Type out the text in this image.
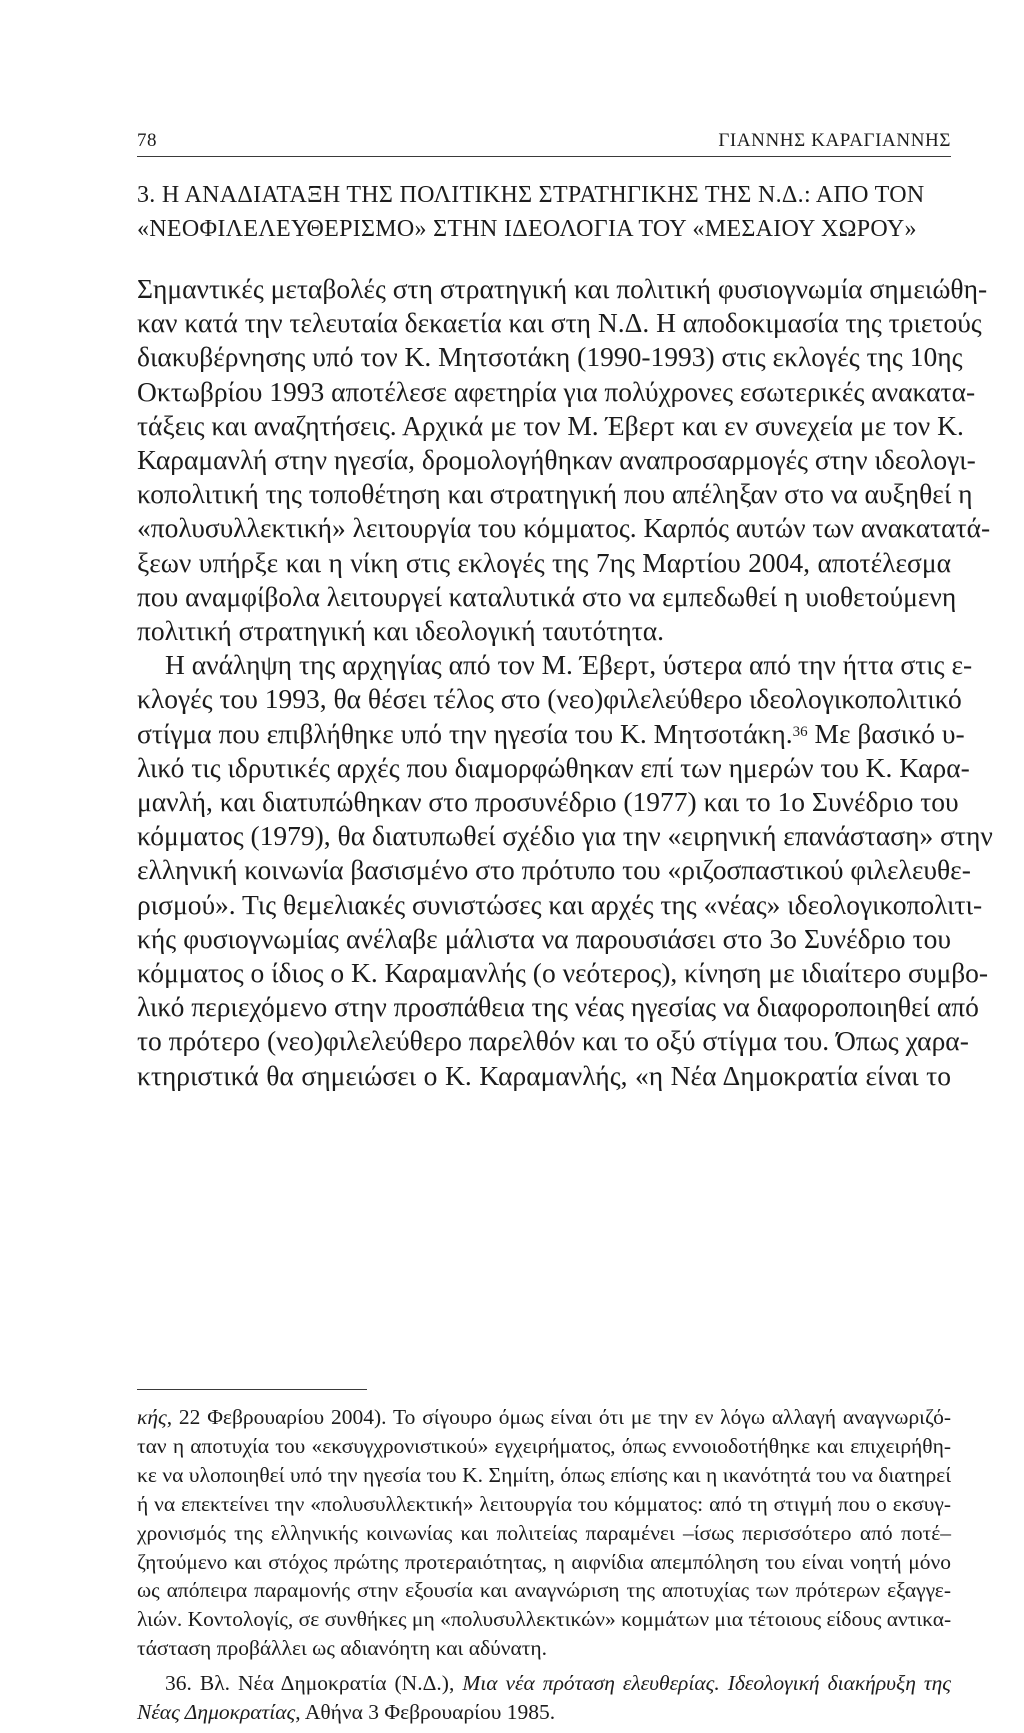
78	ΓΙΑΝΝΗΣ ΚΑΡΑΓΙΑΝΝΗΣ
3. Η ΑΝΑΔΙΑΤΑΞΗ ΤΗΣ ΠΟΛΙΤΙΚΗΣ ΣΤΡΑΤΗΓΙΚΗΣ ΤΗΣ Ν.Δ.: ΑΠΟ ΤΟΝ
«ΝΕΟΦΙΛΕΛΕΥΘΕΡΙΣΜΟ» ΣΤΗΝ ΙΔΕΟΛΟΓΙΑ ΤΟΥ «ΜΕΣΑΙΟΥ ΧΩΡΟΥ»

Σημαντικές μεταβολές στη στρατηγική και πολιτική φυσιογνωμία σημειώθη-
καν κατά την τελευταία δεκαετία και στη Ν.Δ. Η αποδοκιμασία της τριετούς
διακυβέρνησης υπό τον Κ. Μητσοτάκη (1990-1993) στις εκλογές της 10ης
Οκτωβρίου 1993 αποτέλεσε αφετηρία για πολύχρονες εσωτερικές ανακατα-
τάξεις και αναζητήσεις. Αρχικά με τον Μ. Έβερτ και εν συνεχεία με τον Κ.
Καραμανλή στην ηγεσία, δρομολογήθηκαν αναπροσαρμογές στην ιδεολογι-
κοπολιτική της τοποθέτηση και στρατηγική που απέληξαν στο να αυξηθεί η
«πολυσυλλεκτική» λειτουργία του κόμματος. Καρπός αυτών των ανακατατά-
ξεων υπήρξε και η νίκη στις εκλογές της 7ης Μαρτίου 2004, αποτέλεσμα
που αναμφίβολα λειτουργεί καταλυτικά στο να εμπεδωθεί η υιοθετούμενη
πολιτική στρατηγική και ιδεολογική ταυτότητα.

Η ανάληψη της αρχηγίας από τον Μ. Έβερτ, ύστερα από την ήττα στις ε-
κλογές του 1993, θα θέσει τέλος στο (νεο)φιλελεύθερο ιδεολογικοπολιτικό
στίγμα που επιβλήθηκε υπό την ηγεσία του Κ. Μητσοτάκη.$^{36}$ Με βασικό υ-
λικό τις ιδρυτικές αρχές που διαμορφώθηκαν επί των ημερών του Κ. Καρα-
μανλή, και διατυπώθηκαν στο προσυνέδριο (1977) και το 1ο Συνέδριο του
κόμματος (1979), θα διατυπωθεί σχέδιο για την «ειρηνική επανάσταση» στην
ελληνική κοινωνία βασισμένο στο πρότυπο του «ριζοσπαστικού φιλελευθε-
ρισμού». Τις θεμελιακές συνιστώσες και αρχές της «νέας» ιδεολογικοπολιτι-
κής φυσιογνωμίας ανέλαβε μάλιστα να παρουσιάσει στο 3ο Συνέδριο του
κόμματος ο ίδιος ο Κ. Καραμανλής (ο νεότερος), κίνηση με ιδιαίτερο συμβο-
λικό περιεχόμενο στην προσπάθεια της νέας ηγεσίας να διαφοροποιηθεί από
το πρότερο (νεο)φιλελεύθερο παρελθόν και το οξύ στίγμα του. Όπως χαρα-
κτηριστικά θα σημειώσει ο Κ. Καραμανλής, «η Νέα Δημοκρατία είναι το

κής, 22 Φεβρουαρίου 2004). Το σίγουρο όμως είναι ότι με την εν λόγω αλλαγή αναγνωριζό-
ταν η αποτυχία του «εκσυγχρονιστικού» εγχειρήματος, όπως εννοιοδοτήθηκε και επιχειρήθη-
κε να υλοποιηθεί υπό την ηγεσία του Κ. Σημίτη, όπως επίσης και η ικανότητά του να διατηρεί
ή να επεκτείνει την «πολυσυλλεκτική» λειτουργία του κόμματος: από τη στιγμή που ο εκσυγ-
χρονισμός της ελληνικής κοινωνίας και πολιτείας παραμένει –ίσως περισσότερο από ποτέ–
ζητούμενο και στόχος πρώτης προτεραιότητας, η αιφνίδια απεμπόληση του είναι νοητή μόνο
ως απόπειρα παραμονής στην εξουσία και αναγνώριση της αποτυχίας των πρότερων εξαγγε-
λιών. Κοντολογίς, σε συνθήκες μη «πολυσυλλεκτικών» κομμάτων μια τέτοιους είδους αντικα-
τάσταση προβάλλει ως αδιανόητη και αδύνατη.
36. Βλ. Νέα Δημοκρατία (Ν.Δ.), Μια νέα πρόταση ελευθερίας. Ιδεολογική διακήρυξη της
Νέας Δημοκρατίας, Αθήνα 3 Φεβρουαρίου 1985.
